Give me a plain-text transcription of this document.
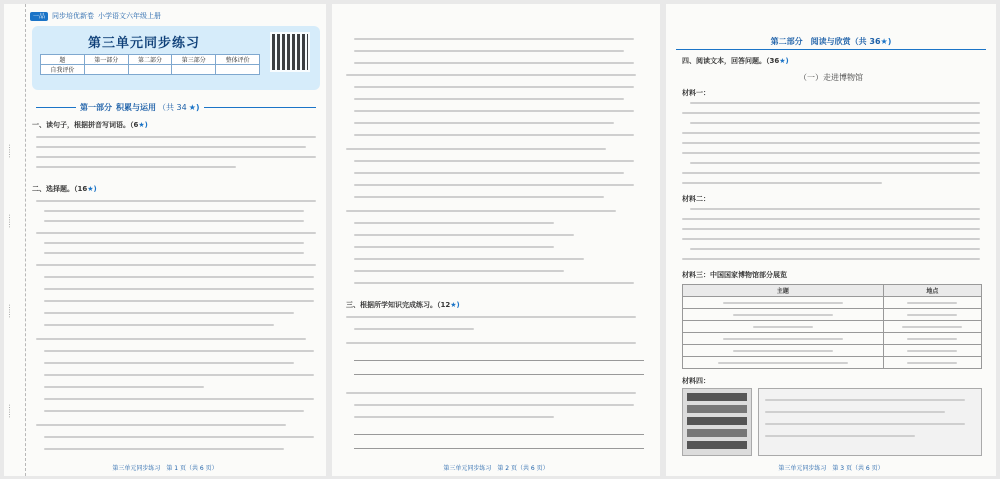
……
……
……
……
一品	同步培优新卷 小学语文六年级上册
第三单元同步练习
题	第一部分	第二部分	第三部分	整体评价
自我评价				
第一部分 积累与运用 （共 34 ★)
一、读句子，根据拼音写词语。（6★)
二、选择题。（16★)
第三单元同步练习　第 1 页（共 6 页）
三、根据所学知识完成练习。（12★)
第三单元同步练习　第 2 页（共 6 页）
第二部分　阅读与欣赏（共 36★)
四、阅读文本，回答问题。（36★)
（一）走进博物馆
材料一：
材料二：
材料三：中国国家博物馆部分展览
主题	地点

材料四：
第三单元同步练习　第 3 页（共 6 页）
